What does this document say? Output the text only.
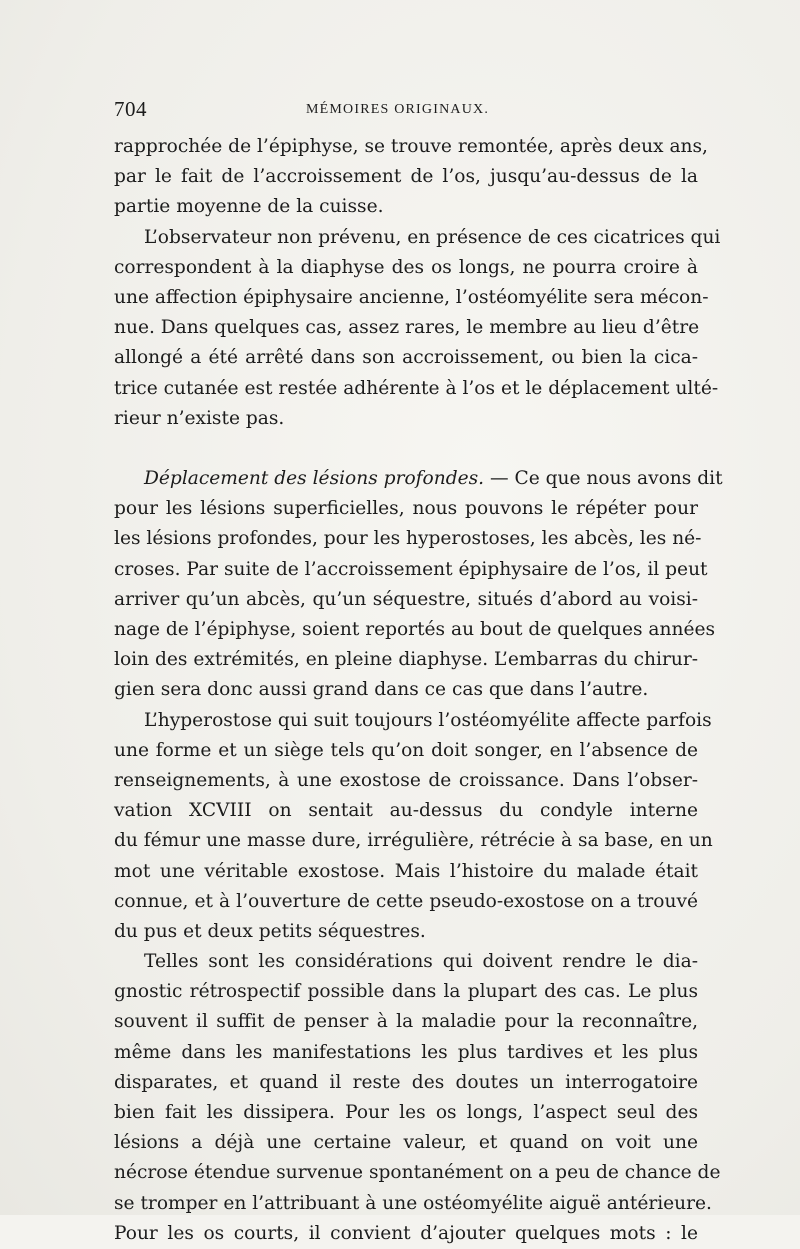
704	MÉMOIRES ORIGINAUX.
rapprochée de l’épiphyse, se trouve remontée, après deux ans,
par le fait de l’accroissement de l’os, jusqu’au-dessus de la
partie moyenne de la cuisse.
L’observateur non prévenu, en présence de ces cicatrices qui
correspondent à la diaphyse des os longs, ne pourra croire à
une affection épiphysaire ancienne, l’ostéomyélite sera mécon-
nue. Dans quelques cas, assez rares, le membre au lieu d’être
allongé a été arrêté dans son accroissement, ou bien la cica-
trice cutanée est restée adhérente à l’os et le déplacement ulté-
rieur n’existe pas.
Déplacement des lésions profondes. — Ce que nous avons dit
pour les lésions superficielles, nous pouvons le répéter pour
les lésions profondes, pour les hyperostoses, les abcès, les né-
croses. Par suite de l’accroissement épiphysaire de l’os, il peut
arriver qu’un abcès, qu’un séquestre, situés d’abord au voisi-
nage de l’épiphyse, soient reportés au bout de quelques années
loin des extrémités, en pleine diaphyse. L’embarras du chirur-
gien sera donc aussi grand dans ce cas que dans l’autre.
L’hyperostose qui suit toujours l’ostéomyélite affecte parfois
une forme et un siège tels qu’on doit songer, en l’absence de
renseignements, à une exostose de croissance. Dans l’obser-
vation XCVIII on sentait au-dessus du condyle interne
du fémur une masse dure, irrégulière, rétrécie à sa base, en un
mot une véritable exostose. Mais l’histoire du malade était
connue, et à l’ouverture de cette pseudo-exostose on a trouvé
du pus et deux petits séquestres.
Telles sont les considérations qui doivent rendre le dia-
gnostic rétrospectif possible dans la plupart des cas. Le plus
souvent il suffit de penser à la maladie pour la reconnaître,
même dans les manifestations les plus tardives et les plus
disparates, et quand il reste des doutes un interrogatoire
bien fait les dissipera. Pour les os longs, l’aspect seul des
lésions a déjà une certaine valeur, et quand on voit une
nécrose étendue survenue spontanément on a peu de chance de
se tromper en l’attribuant à une ostéomyélite aiguë antérieure.
Pour les os courts, il convient d’ajouter quelques mots : le
